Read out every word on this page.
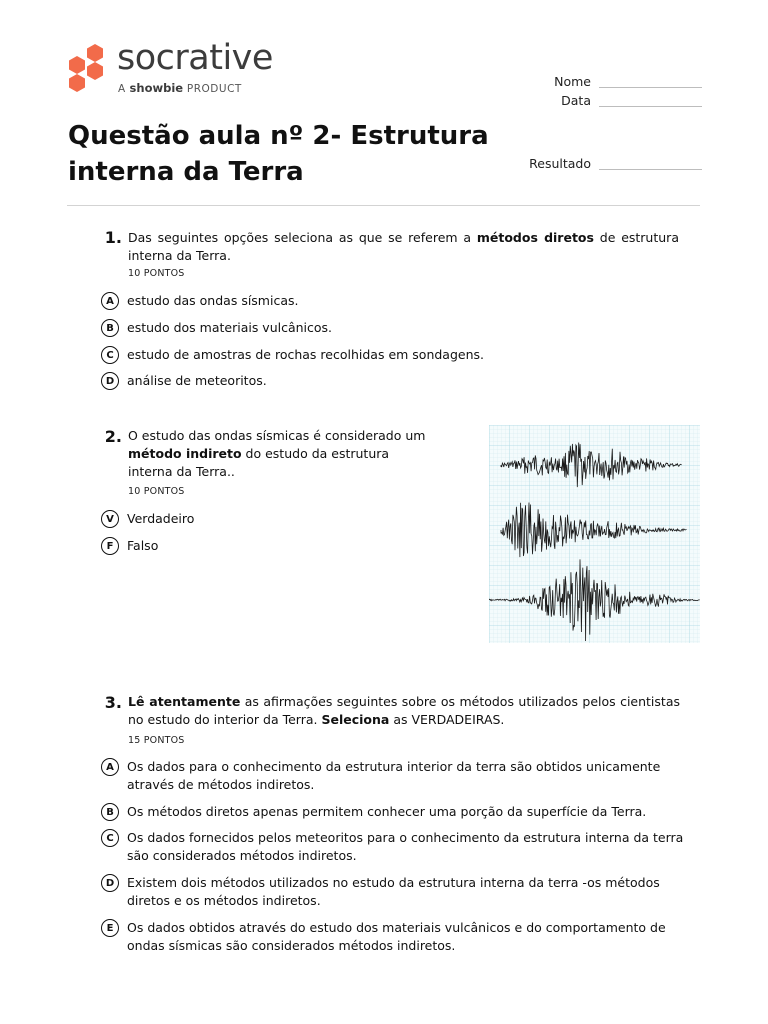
socrative
A showbie PRODUCT	Nome
Data
Resultado
Questão aula nº 2- Estrutura interna da Terra
1. Das seguintes opções seleciona as que se referem a métodos diretos de estrutura interna da Terra.
10 PONTOS
A	estudo das ondas sísmicas.
B	estudo dos materiais vulcânicos.
C	estudo de amostras de rochas recolhidas em sondagens.
D	análise de meteoritos.
2. O estudo das ondas sísmicas é considerado um método indireto do estudo da estrutura interna da Terra..
10 PONTOS
V	Verdadeiro
F	Falso
3. Lê atentamente as afirmações seguintes sobre os métodos utilizados pelos cientistas no estudo do interior da Terra. Seleciona as VERDADEIRAS.
15 PONTOS
A	Os dados para o conhecimento da estrutura interior da terra são obtidos unicamente através de métodos indiretos.
B	Os métodos diretos apenas permitem conhecer uma porção da superfície da Terra.
C	Os dados fornecidos pelos meteoritos para o conhecimento da estrutura interna da terra são considerados métodos indiretos.
D	Existem dois métodos utilizados no estudo da estrutura interna da terra -os métodos diretos e os métodos indiretos.
E	Os dados obtidos através do estudo dos materiais vulcânicos e do comportamento de ondas sísmicas são considerados métodos indiretos.
